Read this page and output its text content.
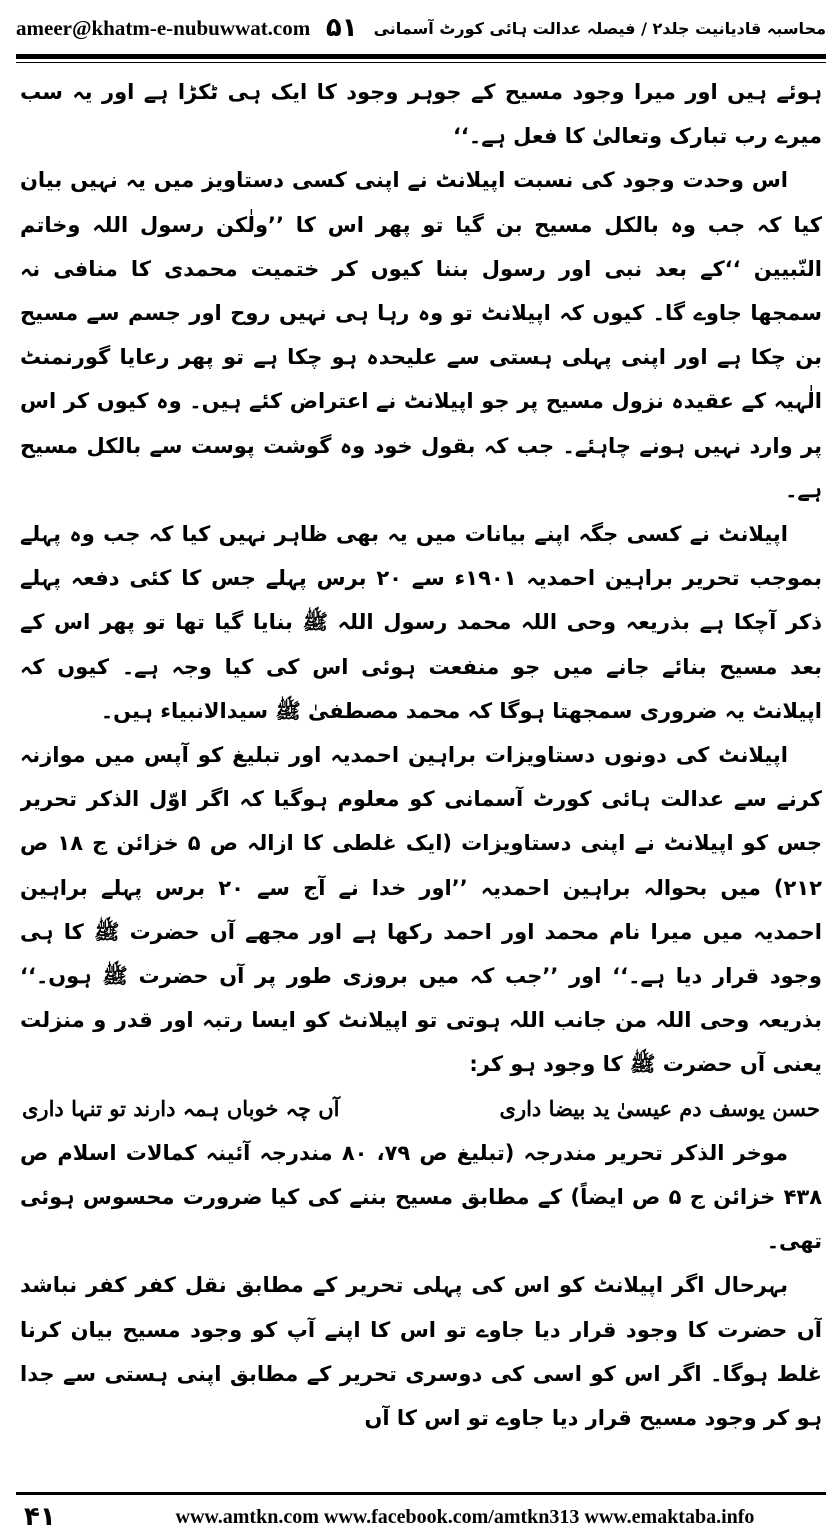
ameer@khatm-e-nubuwwat.com ۵۱ محاسبہ قادیانیت جلد۲ / فیصلہ عدالت ہائی کورٹ آسمانی

ہوئے ہیں اور میرا وجود مسیح کے جوہر وجود کا ایک ہی ٹکڑا ہے اور یہ سب میرے رب تبارک وتعالیٰ کا فعل ہے۔‘‘

اس وحدت وجود کی نسبت اپیلانٹ نے اپنی کسی دستاویز میں یہ نہیں بیان کیا کہ جب وہ بالکل مسیح بن گیا تو پھر اس کا ’’ولٰکن رسول اللہ وخاتم النّبیین ‘‘کے بعد نبی اور رسول بننا کیوں کر ختمیت محمدی کا منافی نہ سمجھا جاوے گا۔ کیوں کہ اپیلانٹ تو وہ رہا ہی نہیں روح اور جسم سے مسیح بن چکا ہے اور اپنی پہلی ہستی سے علیحدہ ہو چکا ہے تو پھر رعایا گورنمنٹ الٰہیہ کے عقیدہ نزول مسیح پر جو اپیلانٹ نے اعتراض کئے ہیں۔ وہ کیوں کر اس پر وارد نہیں ہونے چاہئے۔ جب کہ بقول خود وہ گوشت پوست سے بالکل مسیح ہے۔

اپیلانٹ نے کسی جگہ اپنے بیانات میں یہ بھی ظاہر نہیں کیا کہ جب وہ پہلے بموجب تحریر براہین احمدیہ ۱۹۰۱ء سے ۲۰ برس پہلے جس کا کئی دفعہ پہلے ذکر آچکا ہے بذریعہ وحی اللہ محمد رسول اللہ ﷺ بنایا گیا تھا تو پھر اس کے بعد مسیح بنائے جانے میں جو منفعت ہوئی اس کی کیا وجہ ہے۔ کیوں کہ اپیلانٹ یہ ضروری سمجھتا ہوگا کہ محمد مصطفیٰ ﷺ سیدالانبیاء ہیں۔

اپیلانٹ کی دونوں دستاویزات براہین احمدیہ اور تبلیغ کو آپس میں موازنہ کرنے سے عدالت ہائی کورٹ آسمانی کو معلوم ہوگیا کہ اگر اوّل الذکر تحریر جس کو اپیلانٹ نے اپنی دستاویزات (ایک غلطی کا ازالہ ص ۵ خزائن ج ۱۸ ص ۲۱۲) میں بحوالہ براہین احمدیہ ’’اور خدا نے آج سے ۲۰ برس پہلے براہین احمدیہ میں میرا نام محمد اور احمد رکھا ہے اور مجھے آں حضرت ﷺ کا ہی وجود قرار دیا ہے۔‘‘ اور ’’جب کہ میں بروزی طور پر آں حضرت ﷺ ہوں۔‘‘ بذریعہ وحی اللہ من جانب اللہ ہوتی تو اپیلانٹ کو ایسا رتبہ اور قدر و منزلت یعنی آں حضرت ﷺ کا وجود ہو کر:

حسن یوسف دم عیسیٰ ید بیضا داری
آں چہ خوباں ہمہ دارند تو تنہا داری

موخر الذکر تحریر مندرجہ (تبلیغ ص ۷۹، ۸۰ مندرجہ آئینہ کمالات اسلام ص ۴۳۸ خزائن ج ۵ ص ایضاً) کے مطابق مسیح بننے کی کیا ضرورت محسوس ہوئی تھی۔

بہرحال اگر اپیلانٹ کو اس کی پہلی تحریر کے مطابق نقل کفر کفر نباشد آں حضرت کا وجود قرار دیا جاوے تو اس کا اپنے آپ کو وجود مسیح بیان کرنا غلط ہوگا۔ اگر اس کو اسی کی دوسری تحریر کے مطابق اپنی ہستی سے جدا ہو کر وجود مسیح قرار دیا جاوے تو اس کا آں

۴۱	www.amtkn.com www.facebook.com/amtkn313 www.emaktaba.info
